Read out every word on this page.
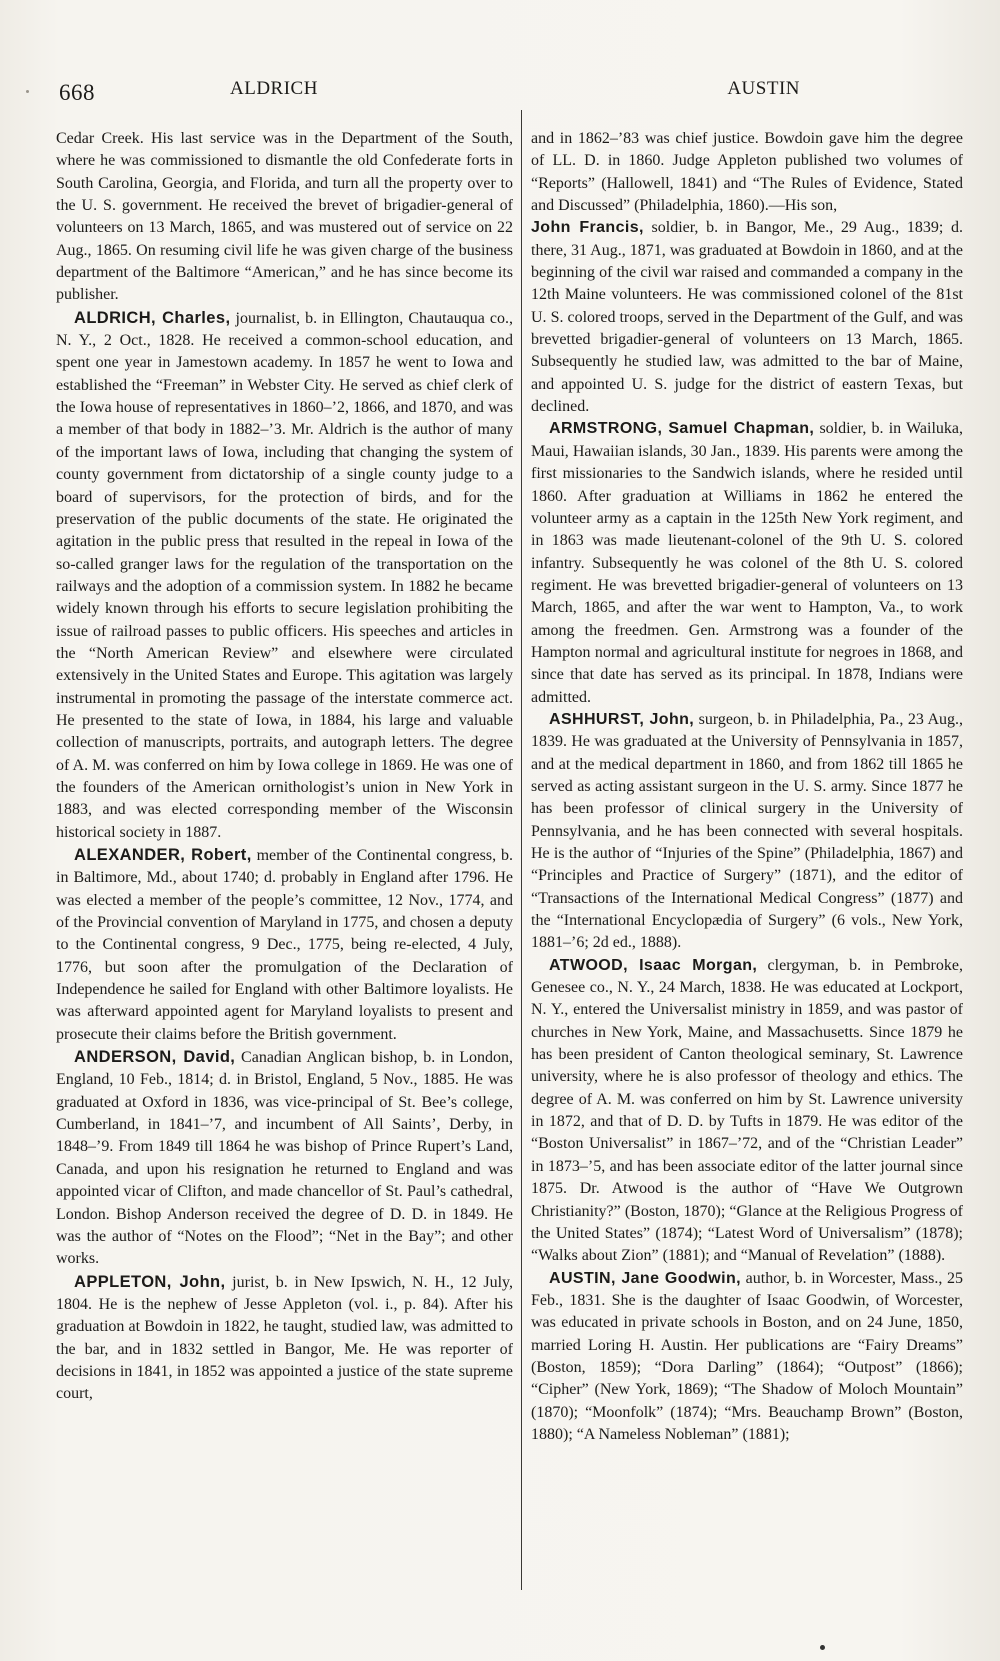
668	ALDRICH	AUSTIN

Cedar Creek. His last service was in the Department of the South, where he was commissioned to dismantle the old Confederate forts in South Carolina, Georgia, and Florida, and turn all the property over to the U. S. government. He received the brevet of brigadier-general of volunteers on 13 March, 1865, and was mustered out of service on 22 Aug., 1865. On resuming civil life he was given charge of the business department of the Baltimore “American,” and he has since become its publisher.

ALDRICH, Charles, journalist, b. in Ellington, Chautauqua co., N. Y., 2 Oct., 1828. He received a common-school education, and spent one year in Jamestown academy. In 1857 he went to Iowa and established the “Freeman” in Webster City. He served as chief clerk of the Iowa house of representatives in 1860–’2, 1866, and 1870, and was a member of that body in 1882–’3. Mr. Aldrich is the author of many of the important laws of Iowa, including that changing the system of county government from dictatorship of a single county judge to a board of supervisors, for the protection of birds, and for the preservation of the public documents of the state. He originated the agitation in the public press that resulted in the repeal in Iowa of the so-called granger laws for the regulation of the transportation on the railways and the adoption of a commission system. In 1882 he became widely known through his efforts to secure legislation prohibiting the issue of railroad passes to public officers. His speeches and articles in the “North American Review” and elsewhere were circulated extensively in the United States and Europe. This agitation was largely instrumental in promoting the passage of the interstate commerce act. He presented to the state of Iowa, in 1884, his large and valuable collection of manuscripts, portraits, and autograph letters. The degree of A. M. was conferred on him by Iowa college in 1869. He was one of the founders of the American ornithologist’s union in New York in 1883, and was elected corresponding member of the Wisconsin historical society in 1887.

ALEXANDER, Robert, member of the Continental congress, b. in Baltimore, Md., about 1740; d. probably in England after 1796. He was elected a member of the people’s committee, 12 Nov., 1774, and of the Provincial convention of Maryland in 1775, and chosen a deputy to the Continental congress, 9 Dec., 1775, being re-elected, 4 July, 1776, but soon after the promulgation of the Declaration of Independence he sailed for England with other Baltimore loyalists. He was afterward appointed agent for Maryland loyalists to present and prosecute their claims before the British government.

ANDERSON, David, Canadian Anglican bishop, b. in London, England, 10 Feb., 1814; d. in Bristol, England, 5 Nov., 1885. He was graduated at Oxford in 1836, was vice-principal of St. Bee’s college, Cumberland, in 1841–’7, and incumbent of All Saints’, Derby, in 1848–’9. From 1849 till 1864 he was bishop of Prince Rupert’s Land, Canada, and upon his resignation he returned to England and was appointed vicar of Clifton, and made chancellor of St. Paul’s cathedral, London. Bishop Anderson received the degree of D. D. in 1849. He was the author of “Notes on the Flood”; “Net in the Bay”; and other works.

APPLETON, John, jurist, b. in New Ipswich, N. H., 12 July, 1804. He is the nephew of Jesse Appleton (vol. i., p. 84). After his graduation at Bowdoin in 1822, he taught, studied law, was admitted to the bar, and in 1832 settled in Bangor, Me. He was reporter of decisions in 1841, in 1852 was appointed a justice of the state supreme court,

and in 1862–’83 was chief justice. Bowdoin gave him the degree of LL. D. in 1860. Judge Appleton published two volumes of “Reports” (Hallowell, 1841) and “The Rules of Evidence, Stated and Discussed” (Philadelphia, 1860).—His son,
John Francis, soldier, b. in Bangor, Me., 29 Aug., 1839; d. there, 31 Aug., 1871, was graduated at Bowdoin in 1860, and at the beginning of the civil war raised and commanded a company in the 12th Maine volunteers. He was commissioned colonel of the 81st U. S. colored troops, served in the Department of the Gulf, and was brevetted brigadier-general of volunteers on 13 March, 1865. Subsequently he studied law, was admitted to the bar of Maine, and appointed U. S. judge for the district of eastern Texas, but declined.

ARMSTRONG, Samuel Chapman, soldier, b. in Wailuka, Maui, Hawaiian islands, 30 Jan., 1839. His parents were among the first missionaries to the Sandwich islands, where he resided until 1860. After graduation at Williams in 1862 he entered the volunteer army as a captain in the 125th New York regiment, and in 1863 was made lieutenant-colonel of the 9th U. S. colored infantry. Subsequently he was colonel of the 8th U. S. colored regiment. He was brevetted brigadier-general of volunteers on 13 March, 1865, and after the war went to Hampton, Va., to work among the freedmen. Gen. Armstrong was a founder of the Hampton normal and agricultural institute for negroes in 1868, and since that date has served as its principal. In 1878, Indians were admitted.

ASHHURST, John, surgeon, b. in Philadelphia, Pa., 23 Aug., 1839. He was graduated at the University of Pennsylvania in 1857, and at the medical department in 1860, and from 1862 till 1865 he served as acting assistant surgeon in the U. S. army. Since 1877 he has been professor of clinical surgery in the University of Pennsylvania, and he has been connected with several hospitals. He is the author of “Injuries of the Spine” (Philadelphia, 1867) and “Principles and Practice of Surgery” (1871), and the editor of “Transactions of the International Medical Congress” (1877) and the “International Encyclopædia of Surgery” (6 vols., New York, 1881–’6; 2d ed., 1888).

ATWOOD, Isaac Morgan, clergyman, b. in Pembroke, Genesee co., N. Y., 24 March, 1838. He was educated at Lockport, N. Y., entered the Universalist ministry in 1859, and was pastor of churches in New York, Maine, and Massachusetts. Since 1879 he has been president of Canton theological seminary, St. Lawrence university, where he is also professor of theology and ethics. The degree of A. M. was conferred on him by St. Lawrence university in 1872, and that of D. D. by Tufts in 1879. He was editor of the “Boston Universalist” in 1867–’72, and of the “Christian Leader” in 1873–’5, and has been associate editor of the latter journal since 1875. Dr. Atwood is the author of “Have We Outgrown Christianity?” (Boston, 1870); “Glance at the Religious Progress of the United States” (1874); “Latest Word of Universalism” (1878); “Walks about Zion” (1881); and “Manual of Revelation” (1888).

AUSTIN, Jane Goodwin, author, b. in Worcester, Mass., 25 Feb., 1831. She is the daughter of Isaac Goodwin, of Worcester, was educated in private schools in Boston, and on 24 June, 1850, married Loring H. Austin. Her publications are “Fairy Dreams” (Boston, 1859); “Dora Darling” (1864); “Outpost” (1866); “Cipher” (New York, 1869); “The Shadow of Moloch Mountain” (1870); “Moonfolk” (1874); “Mrs. Beauchamp Brown” (Boston, 1880); “A Nameless Nobleman” (1881);
